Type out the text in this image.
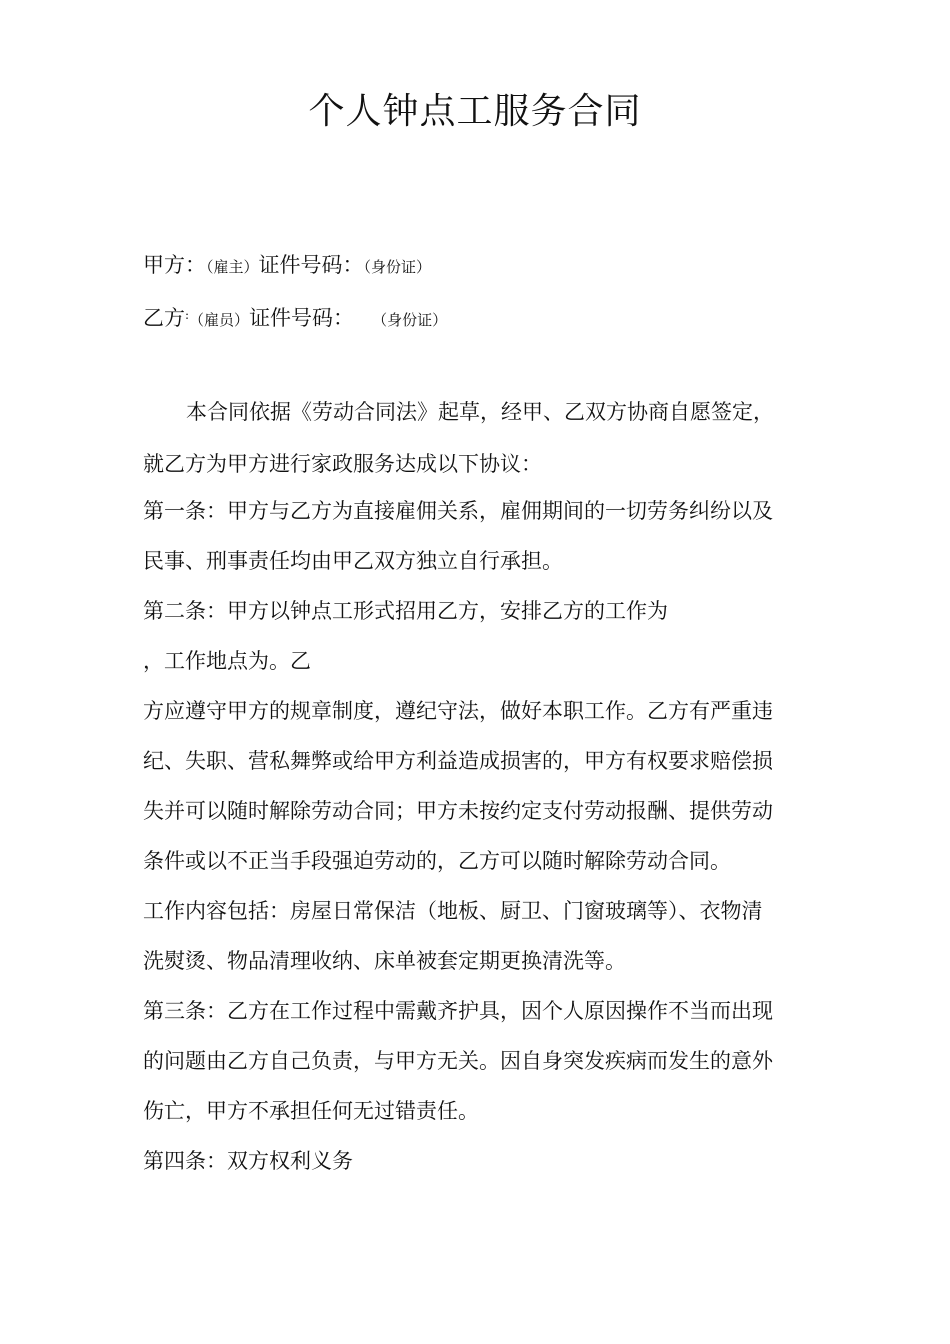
个人钟点工服务合同
甲方：（雇主）证件号码：（身份证）
乙方:（雇员）证件号码： （身份证）
本合同依据《劳动合同法》起草，经甲、乙双方协商自愿签定，
就乙方为甲方进行家政服务达成以下协议：
第一条：甲方与乙方为直接雇佣关系，雇佣期间的一切劳务纠纷以及
民事、刑事责任均由甲乙双方独立自行承担。
第二条：甲方以钟点工形式招用乙方，安排乙方的工作为
，工作地点为。乙
方应遵守甲方的规章制度，遵纪守法，做好本职工作。乙方有严重违
纪、失职、营私舞弊或给甲方利益造成损害的，甲方有权要求赔偿损
失并可以随时解除劳动合同；甲方未按约定支付劳动报酬、提供劳动
条件或以不正当手段强迫劳动的，乙方可以随时解除劳动合同。
工作内容包括：房屋日常保洁（地板、厨卫、门窗玻璃等）、衣物清
洗熨烫、物品清理收纳、床单被套定期更换清洗等。
第三条：乙方在工作过程中需戴齐护具，因个人原因操作不当而出现
的问题由乙方自己负责，与甲方无关。因自身突发疾病而发生的意外
伤亡，甲方不承担任何无过错责任。
第四条：双方权利义务
